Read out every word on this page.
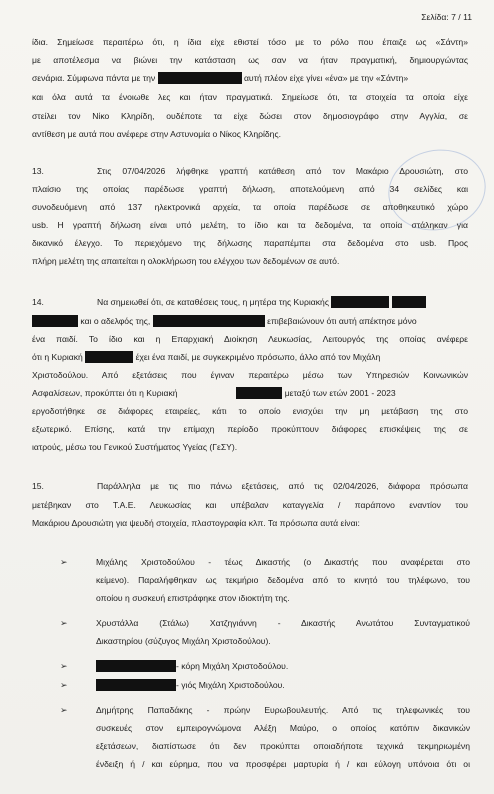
Σελίδα: 7 / 11
ίδια. Σημείωσε περαιτέρω ότι, η ίδια είχε εθιστεί τόσο με το ρόλο που έπαιζε ως «Σάντη»
με αποτέλεσμα να βιώνει την κατάσταση ως σαν να ήταν πραγματική, δημιουργώντας
σενάρια. Σύμφωνα πάντα με την	αυτή πλέον είχε γίνει «ένα» με την «Σάντη»
και όλα αυτά τα ένοιωθε λες και ήταν πραγματικά. Σημείωσε ότι, τα στοιχεία τα οποία είχε
στείλει τον Νίκο Κληρίδη, ουδέποτε τα είχε δώσει στον δημοσιογράφο στην Αγγλία, σε
αντίθεση με αυτά που ανέφερε στην Αστυνομία ο Νίκος Κληρίδης.
13.	Στις 07/04/2026 λήφθηκε γραπτή κατάθεση από τον Μακάριο Δρουσιώτη, στο
πλαίσιο της οποίας παρέδωσε γραπτή δήλωση, αποτελούμενη από 34 σελίδες και
συνοδευόμενη από 137 ηλεκτρονικά αρχεία, τα οποία παρέδωσε σε αποθηκευτικό χώρο
usb. Η γραπτή δήλωση είναι υπό μελέτη, το ίδιο και τα δεδομένα, τα οποία στάληκαν για
δικανικό έλεγχο. Το περιεχόμενο της δήλωσης παραπέμπει στα δεδομένα στο usb. Προς
πλήρη μελέτη της απαιτείται η ολοκλήρωση του ελέγχου των δεδομένων σε αυτό.
14.	Να σημειωθεί ότι, σε καταθέσεις τους, η μητέρα της Κυριακής
και ο αδελφός της,	επιβεβαιώνουν ότι αυτή απέκτησε μόνο
ένα παιδί. Το ίδιο και η Επαρχιακή Διοίκηση Λευκωσίας, Λειτουργός της οποίας ανέφερε
ότι η Κυριακή	έχει ένα παιδί, με συγκεκριμένο πρόσωπο, άλλο από τον Μιχάλη
Χριστοδούλου. Από εξετάσεις που έγιναν περαιτέρω μέσω των Υπηρεσιών Κοινωνικών
Ασφαλίσεων, προκύπτει ότι η Κυριακή	μεταξύ των ετών 2001 - 2023
εργοδοτήθηκε σε διάφορες εταιρείες, κάτι το οποίο ενισχύει την μη μετάβαση της στο
εξωτερικό. Επίσης, κατά την επίμαχη περίοδο προκύπτουν διάφορες επισκέψεις της σε
ιατρούς, μέσω του Γενικού Συστήματος Υγείας (ΓεΣΥ).
15.	Παράλληλα με τις πιο πάνω εξετάσεις, από τις 02/04/2026, διάφορα πρόσωπα
μετέβηκαν στο Τ.Α.Ε. Λευκωσίας και υπέβαλαν καταγγελία / παράπονο εναντίον του
Μακάριου Δρουσιώτη για ψευδή στοιχεία, πλαστογραφία κλπ. Τα πρόσωπα αυτά είναι:
➢	Μιχάλης Χριστοδούλου - τέως Δικαστής (ο Δικαστής που αναφέρεται στο
κείμενο). Παραλήφθηκαν ως τεκμήριο δεδομένα από το κινητό του τηλέφωνο, του
οποίου η συσκευή επιστράφηκε στον ιδιοκτήτη της.
➢	Χρυστάλλα (Στάλω) Χατζηγιάννη - Δικαστής Ανωτάτου Συνταγματικού
Δικαστηρίου (σύζυγος Μιχάλη Χριστοδούλου).
➢	- κόρη Μιχάλη Χριστοδούλου.
➢	- γιός Μιχάλη Χριστοδούλου.
➢	Δημήτρης Παπαδάκης - πρώην Ευρωβουλευτής. Από τις τηλεφωνικές του
συσκευές στον εμπειρογνώμονα Αλέξη Μαύρο, ο οποίος κατόπιν δικανικών
εξετάσεων, διαπίστωσε ότι δεν προκύπτει οποιαδήποτε τεχνικά τεκμηριωμένη
ένδειξη ή / και εύρημα, που να προσφέρει μαρτυρία ή / και εύλογη υπόνοια ότι οι
